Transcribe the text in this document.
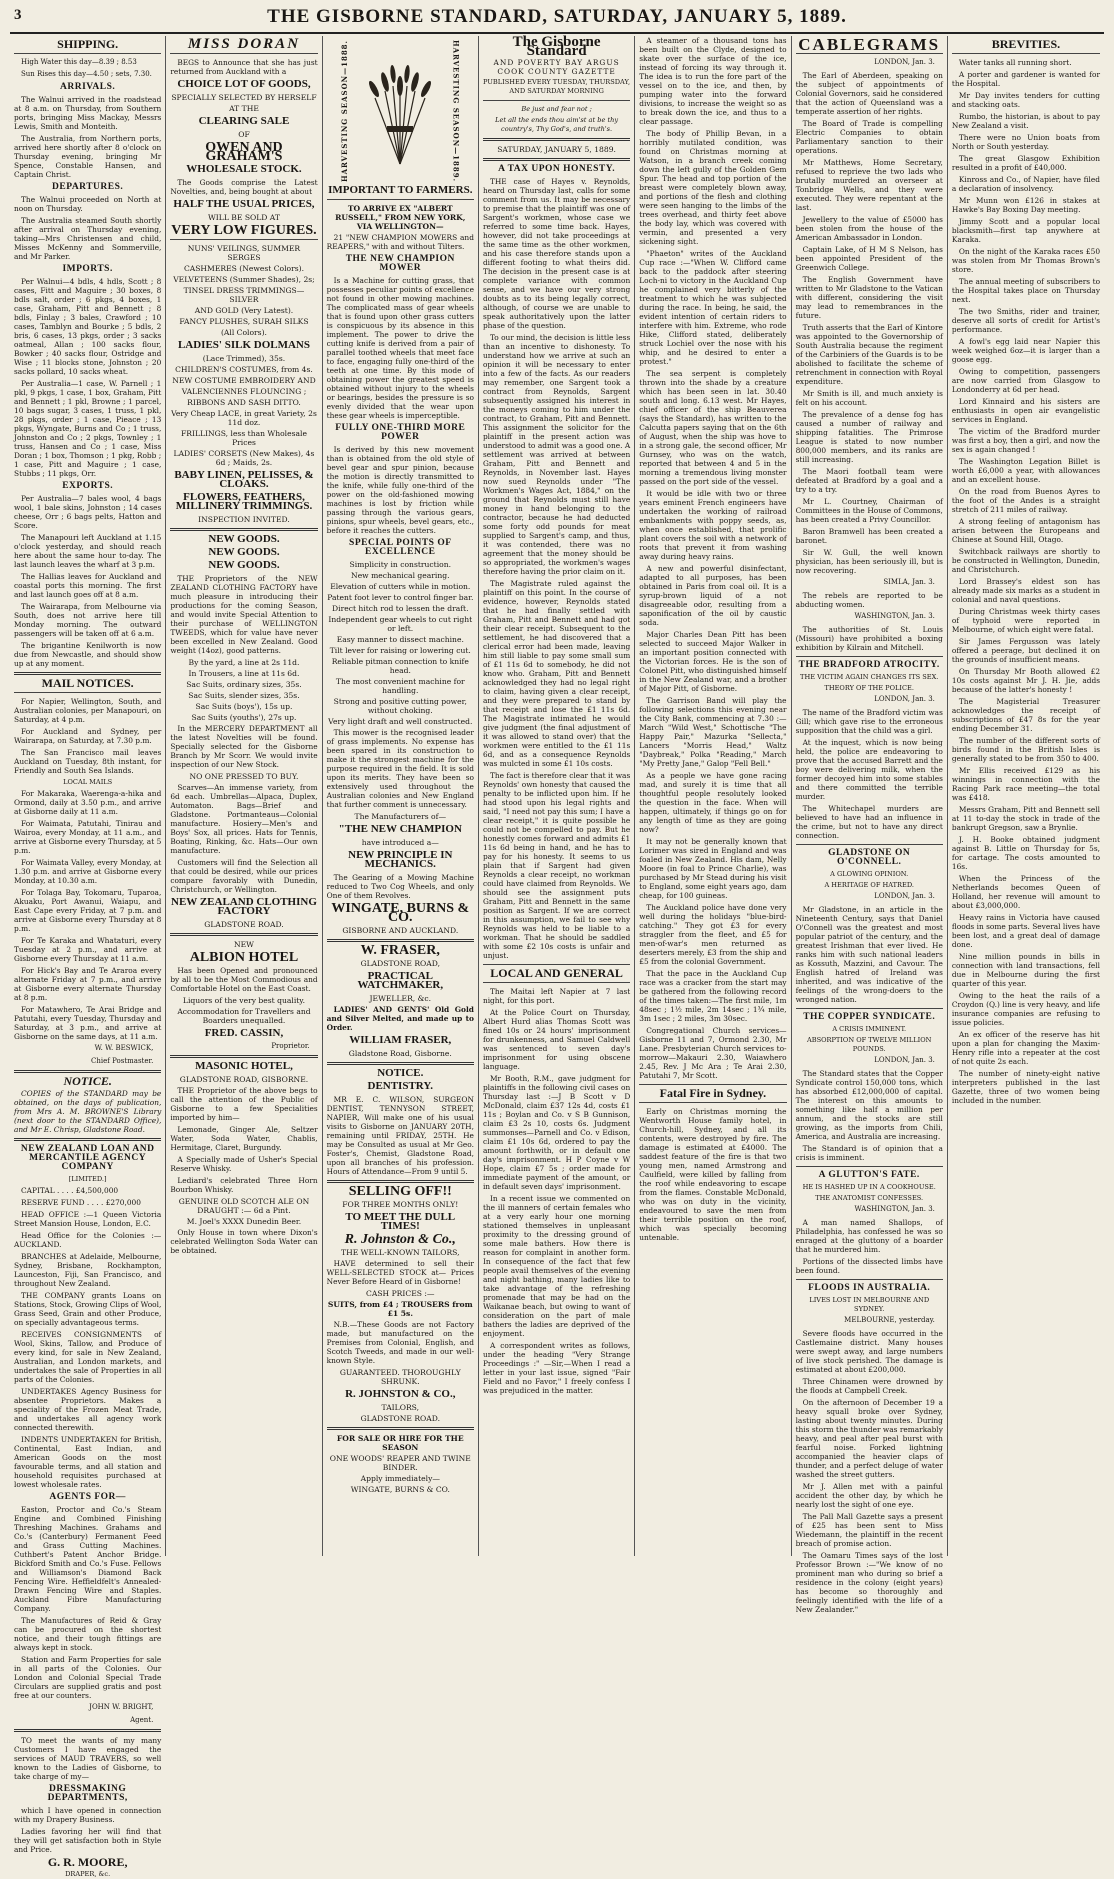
3	THE GISBORNE STANDARD, SATURDAY, JANUARY 5, 1889.
SHIPPING.

High Water this day—8.39 ; 8.53

Sun Rises this day—4.50 ; sets, 7.30.

ARRIVALS.

The Walnui arrived in the roadstead at 8 a.m. on Thursday, from Southern ports, bringing Miss Mackay, Messrs Lewis, Smith and Monteith.

The Australia, from Northern ports, arrived here shortly after 8 o'clock on Thursday evening, bringing Mr Spence, Constable Hansen, and Captain Christ.

DEPARTURES.

The Walnui proceeded on North at noon on Thursday.

The Australia steamed South shortly after arrival on Thursday evening, taking—Mrs Christensen and child, Misses McKenny and Sommerville, and Mr Parker.

IMPORTS.

Per Walnui—4 bdls, 4 hdls, Scott ; 8 cases, Fitt and Maguire ; 30 boxes, 8 bdls salt, order ; 6 pkgs, 4 boxes, 1 case, Graham, Pitt and Bennett ; 8 bdls, Finlay ; 3 bales, Crawford ; 10 cases, Tamblyn and Bourke ; 5 bdls, 2 bris, 6 cases, 13 pkgs, order ; 3 sacks oatmeal, Allan ; 100 sacks flour, Bowker ; 40 sacks flour, Ostridge and Wise ; 11 blocks stone, Johnston ; 20 sacks pollard, 10 sacks wheat.

Per Australia—1 case, W. Parnell ; 1 pkl, 9 pkgs, 1 case, 1 box, Graham, Pitt and Bennett ; 1 pkl, Browne ; 1 parcel, 10 bags sugar, 3 cases, 1 truss, 1 pkl, 28 pkgs, order ; 1 case, Pieace ; 13 pkgs, Wyngate, Burns and Co ; 1 truss, Johnston and Co ; 2 pkgs, Townley ; 1 truss, Hansen and Co ; 1 case, Miss Doran ; 1 box, Thomson ; 1 pkg, Robb ; 1 case, Pitt and Maguire ; 1 case, Stubbs ; 11 pkgs, Orr.

EXPORTS.

Per Australia—7 bales wool, 4 bags wool, 1 bale skins, Johnston ; 14 cases cheese, Orr ; 6 bags pelts, Hatton and Score.

The Manapouri left Auckland at 1.15 o'clock yesterday, and should reach here about the same hour to-day. The last launch leaves the wharf at 3 p.m.

The Hallias leaves for Auckland and coastal ports this morning. The first and last launch goes off at 8 a.m.

The Wairarapa, from Melbourne via South, does not arrive here till Monday morning. The outward passengers will be taken off at 6 a.m.

The brigantine Kenilworth is now due from Newcastle, and should show up at any moment.

MAIL NOTICES.

For Napier, Wellington, South, and Australian colonies, per Manapouri, on Saturday, at 4 p.m.

For Auckland and Sydney, per Wairarapa, on Saturday, at 7.30 p.m.

The San Francisco mail leaves Auckland on Tuesday, 8th instant, for Friendly and South Sea Islands.

LOCAL MAILS

For Makaraka, Waerenga-a-hika and Ormond, daily at 3.50 p.m., and arrive at Gisborne daily at 11 a.m.

For Waimata, Patutahi, Tinirau and Wairoa, every Monday, at 11 a.m., and arrive at Gisborne every Thursday, at 5 p.m.

For Waimata Valley, every Monday, at 1.30 p.m. and arrive at Gisborne every Monday, at 10.30 a.m.

For Tolaga Bay, Tokomaru, Tuparoa, Akuaku, Port Awanui, Waiapu, and East Cape every Friday, at 7 p.m. and arrive at Gisborne every Thursday at 8 p.m.

For Te Karaka and Whataturi, every Tuesday at 2 p.m., and arrive at Gisborne every Thursday at 11 a.m.

For Hick's Bay and Te Araroa every alternate Friday at 7 p.m., and arrive at Gisborne every alternate Thursday at 8 p.m.

For Matawhero, Te Arai Bridge and Patutahi, every Tuesday, Thursday and Saturday, at 3 p.m., and arrive at Gisborne on the same days, at 11 a.m.

W. W. BESWICK,
Chief Postmaster.
NOTICE.

COPIES of the STANDARD may be obtained, on the days of publication, from Mrs A. M. BROWNE'S Library (next door to the STANDARD Office), and Mr E. Chrisp, Gladstone Road.

NEW ZEALAND LOAN AND MERCANTILE AGENCY COMPANY
[LIMITED.]

CAPITAL . . . . £4,500,000

RESERVE FUND . . . . £270,000

HEAD OFFICE :—1 Queen Victoria Street Mansion House, London, E.C.

Head Office for the Colonies :—AUCKLAND.

BRANCHES at Adelaide, Melbourne, Sydney, Brisbane, Rockhampton, Launceston, Fiji, San Francisco, and throughout New Zealand.

THE COMPANY grants Loans on Stations, Stock, Growing Clips of Wool, Grass Seed, Grain and other Produce, on specially advantageous terms.

RECEIVES CONSIGNMENTS of Wool, Skins, Tallow, and Produce of every kind, for sale in New Zealand, Australian, and London markets, and undertakes the sale of Properties in all parts of the Colonies.

UNDERTAKES Agency Business for absentee Proprietors. Makes a speciality of the Frozen Meat Trade, and undertakes all agency work connected therewith.

INDENTS UNDERTAKEN for British, Continental, East Indian, and American Goods on the most favourable terms, and all station and household requisites purchased at lowest wholesale rates.

AGENTS FOR—

Easton, Proctor and Co.'s Steam Engine and Combined Finishing Threshing Machines. Grahams and Co.'s (Canterbury) Fermanent Feed and Grass Cutting Machines. Cuthbert's Patent Anchor Bridge. Bickford Smith and Co.'s Fuse. Fellows and Williamson's Diamond Back Fencing Wire. Heffieldfelt's Annealed-Drawn Fencing Wire and Staples. Auckland Fibre Manufacturing Company.

The Manufactures of Reid & Gray can be procured on the shortest notice, and their tough fittings are always kept in stock.

Station and Farm Properties for sale in all parts of the Colonies. Our London and Colonial Special Trade Circulars are supplied gratis and post free at our counters.

JOHN W. BRIGHT,
Agent.

TO meet the wants of my many Customers I have engaged the services of MAUD TRAVERS, so well known to the Ladies of Gisborne, to take charge of my—

DRESSMAKING DEPARTMENTS,

which I have opened in connection with my Drapery Business.

Ladies favoring her will find that they will get satisfaction both in Style and Price.

G. R. MOORE,
DRAPER, &c.
MISS DORAN

BEGS to Announce that she has just returned from Auckland with a

CHOICE LOT OF GOODS,
SPECIALLY SELECTED BY HERSELF
AT THE
CLEARING SALE
OF
OWEN AND GRAHAM'S
WHOLESALE STOCK.

The Goods comprise the Latest Novelties, and, being bought at about

HALF THE USUAL PRICES,
WILL BE SOLD AT
VERY LOW FIGURES.
NUNS' VEILINGS, SUMMER SERGES
CASHMERES (Newest Colors).
VELVETEENS (Summer Shades), 2s;
TINSEL DRESS TRIMMINGS—SILVER
AND GOLD (Very Latest).
FANCY PLUSHES, SURAH SILKS
(All Colors).
LADIES' SILK DOLMANS
(Lace Trimmed), 35s.
CHILDREN'S COSTUMES, from 4s.
NEW COSTUME EMBROIDERY AND
VALENCIENNES FLOUNCING ;
RIBBONS AND SASH DITTO.
Very Cheap LACE, in great Variety, 2s 11d doz.
FRILLINGS, less than Wholesale Prices
LADIES' CORSETS (New Makes), 4s 6d ; Maids, 2s.
BABY LINEN, PELISSES, & CLOAKS.
FLOWERS, FEATHERS, MILLINERY TRIMMINGS.
INSPECTION INVITED.
NEW GOODS.
NEW GOODS.
NEW GOODS.

THE Proprietors of the NEW ZEALAND CLOTHING FACTORY have much pleasure in introducing their productions for the coming Season, and would invite Special Attention to their purchase of WELLINGTON TWEEDS, which for value have never been excelled in New Zealand. Good weight (14oz), good patterns.

By the yard, a line at 2s 11d.
In Trousers, a line at 11s 6d.
Sac Suits, ordinary sizes, 35s.
Sac Suits, slender sizes, 35s.
Sac Suits (boys'), 15s up.
Sac Suits (youths'), 27s up.

In the MERCERY DEPARTMENT all the latest Novelties will be found. Specially selected for the Gisborne Branch by Mr Scorr. We would invite inspection of our New Stock.

NO ONE PRESSED TO BUY.

Scarves—An immense variety, from 6d each. Umbrellas—Alpaca, Duplex, Automaton. Bags—Brief and Gladstone. Portmanteaus—Colonial manufacture. Hosiery—Men's and Boys' Sox, all prices. Hats for Tennis, Boating, Rinking, &c. Hats—Our own manufacture.

Customers will find the Selection all that could be desired, while our prices compare favorably with Dunedin, Christchurch, or Wellington.

NEW ZEALAND CLOTHING FACTORY
GLADSTONE ROAD.
NEW
ALBION HOTEL

Has been Opened and pronounced by all to be the Most Commodious and Comfortable Hotel on the East Coast.

Liquors of the very best quality.
Accommodation for Travellers and Boarders unequalled.
FRED. CASSIN,
Proprietor.
MASONIC HOTEL,
GLADSTONE ROAD, GISBORNE.

THE Proprietor of the above begs to call the attention of the Public of Gisborne to a few Specialities imported by him—

Lemonade, Ginger Ale, Seltzer Water, Soda Water, Chablis, Hermitage, Claret, Burgundy.

A Specially made of Usher's Special Reserve Whisky.

Lediard's celebrated Three Horn Bourbon Whisky.

GENUINE OLD SCOTCH ALE ON DRAUGHT :— 6d a Pint.
M. Joel's XXXX Dunedin Beer.

Only House in town where Dixon's celebrated Wellington Soda Water can be obtained.

HARVESTING SEASON—1888.	HARVESTING SEASON—1889.
IMPORTANT TO FARMERS.
TO ARRIVE EX "ALBERT RUSSELL," FROM NEW YORK, VIA WELLINGTON—

21 "NEW CHAMPION MOWERS and REAPERS," with and without Tilters.

THE NEW CHAMPION MOWER

Is a Machine for cutting grass, that possesses peculiar points of excellence not found in other mowing machines. The complicated mass of gear wheels that is found upon other grass cutters is conspicuous by its absence in this implement. The power to drive the cutting knife is derived from a pair of parallel toothed wheels that meet face to face, engaging fully one-third of the teeth at one time. By this mode of obtaining power the greatest speed is obtained without injury to the wheels or bearings, besides the pressure is so evenly divided that the wear upon these gear wheels is imperceptible.

FULLY ONE-THIRD MORE POWER

Is derived by this new movement than is obtained from the old style of bevel gear and spur pinion, because the motion is directly transmitted to the knife, while fully one-third of the power on the old-fashioned mowing machines is lost by friction while passing through the various gears, pinions, spur wheels, bevel gears, etc., before it reaches the cutters.

SPECIAL POINTS OF EXCELLENCE
Simplicity in construction.
New mechanical gearing.
Elevation of cutters while in motion.
Patent foot lever to control finger bar.
Direct hitch rod to lessen the draft.
Independent gear wheels to cut right or left.
Easy manner to dissect machine.
Tilt lever for raising or lowering cut.
Reliable pitman connection to knife head.
The most convenient machine for handling.
Strong and positive cutting power, without choking.
Very light draft and well constructed.

This mower is the recognised leader of grass implements. No expense has been spared in its construction to make it the strongest machine for the purpose required in the field. It is sold upon its merits. They have been so extensively used throughout the Australian colonies and New England that further comment is unnecessary.

The Manufacturers of—
"THE NEW CHAMPION
have introduced a—
NEW PRINCIPLE IN MECHANICS.

The Gearing of a Mowing Machine reduced to Two Cog Wheels, and only One of them Revolves.

WINGATE, BURNS & CO.
GISBORNE AND AUCKLAND.
W. FRASER,
GLADSTONE ROAD,
PRACTICAL WATCHMAKER,
JEWELLER, &c.

LADIES' AND GENTS' Old Gold and Silver Melted, and made up to Order.

WILLIAM FRASER,
Gladstone Road, Gisborne.
NOTICE.
DENTISTRY.

MR E. C. WILSON, SURGEON DENTIST, TENNYSON STREET, NAPIER, Will make one of his usual visits to Gisborne on JANUARY 20TH, remaining until FRIDAY, 25TH. He may be Consulted as usual at Mr Geo. Foster's, Chemist, Gladstone Road, upon all branches of his profession. Hours of Attendance—From 9 until 5.

SELLING OFF!!
FOR THREE MONTHS ONLY!
TO MEET THE DULL TIMES!
R. Johnston & Co.,
THE WELL-KNOWN TAILORS,

HAVE determined to sell their WELL-SELECTED STOCK at— Prices Never Before Heard of in Gisborne!

CASH PRICES :—
SUITS, from £4 ; TROUSERS from £1 5s.

N.B.—These Goods are not Factory made, but manufactured on the Premises from Colonial, English, and Scotch Tweeds, and made in our well-known Style.

GUARANTEED. THOROUGHLY SHRUNK.
R. JOHNSTON & CO.,
TAILORS,
GLADSTONE ROAD.
FOR SALE OR HIRE FOR THE SEASON
ONE WOODS' REAPER AND TWINE BINDER.
Apply immediately—
WINGATE, BURNS & CO.
The Gisborne Standard
AND POVERTY BAY ARGUS
COOK COUNTY GAZETTE
PUBLISHED EVERY TUESDAY, THURSDAY, AND SATURDAY MORNING
Be just and fear not ;
Let all the ends thou aim'st at be thy country's, Thy God's, and truth's.
SATURDAY, JANUARY 5, 1889.
A TAX UPON HONESTY.

THE case of Hayes v. Reynolds, heard on Thursday last, calls for some comment from us. It may be necessary to premise that the plaintiff was one of Sargent's workmen, whose case we referred to some time back. Hayes, however, did not take proceedings at the same time as the other workmen, and his case therefore stands upon a different footing to what theirs did. The decision in the present case is at complete variance with common sense, and we have our very strong doubts as to its being legally correct, although, of course we are unable to speak authoritatively upon the latter phase of the question.

To our mind, the decision is little less than an incentive to dishonesty. To understand how we arrive at such an opinion it will be necessary to enter into a few of the facts. As our readers may remember, one Sargent took a contract from Reynolds, Sargent subsequently assigned his interest in the moneys coming to him under the contract, to Graham, Pitt and Bennett. This assignment the solicitor for the plaintiff in the present action was understood to admit was a good one. A settlement was arrived at between Graham, Pitt and Bennett and Reynolds, in November last. Hayes now sued Reynolds under "The Workmen's Wages Act, 1884," on the ground that Reynolds must still have money in hand belonging to the contractor, because he had deducted some forty odd pounds for meat supplied to Sargent's camp, and thus, it was contended, there was no agreement that the money should be so appropriated, the workmen's wages therefore having the prior claim on it.

The Magistrate ruled against the plaintiff on this point. In the course of evidence, however, Reynolds stated that he had finally settled with Graham, Pitt and Bennett and had got their clear receipt. Subsequent to the settlement, he had discovered that a clerical error had been made, leaving him still liable to pay some small sum of £1 11s 6d to somebody, he did not know who. Graham, Pitt and Bennett acknowledged they had no legal right to claim, having given a clear receipt, and they were prepared to stand by that receipt and lose the £1 11s 6d. The Magistrate intimated he would give judgment (the final adjustment of it was allowed to stand over) that the workmen were entitled to the £1 11s 6d, and as a consequence Reynolds was mulcted in some £1 10s costs.

The fact is therefore clear that it was Reynolds' own honesty that caused the penalty to be inflicted upon him. If he had stood upon his legal rights and said, "I need not pay this sum; I have a clear receipt," it is quite possible he could not be compelled to pay. But he honestly comes forward and admits £1 11s 6d being in hand, and he has to pay for his honesty. It seems to us plain that if Sargent had given Reynolds a clear receipt, no workman could have claimed from Reynolds. We should see the assignment puts Graham, Pitt and Bennett in the same position as Sargent. If we are correct in this assumption, we fail to see why Reynolds was held to be liable to a workman. That he should be saddled with some £2 10s costs is unfair and unjust.

LOCAL AND GENERAL

The Maitai left Napier at 7 last night, for this port.

At the Police Court on Thursday, Albert Hurd alias Thomas Scott was fined 10s or 24 hours' imprisonment for drunkenness, and Samuel Caldwell was sentenced to seven day's imprisonment for using obscene language.

Mr Booth, R.M., gave judgment for plaintiffs in the following civil cases on Thursday last :—J B Scott v D McDonald, claim £37 12s 4d, costs £1 11s ; Boylan and Co. v S B Gunnison, claim £3 2s 10, costs 6s. Judgment summonses—Parnell and Co. v Edison, claim £1 10s 6d, ordered to pay the amount forthwith, or in default one day's imprisonment. H P Coyne v W Hope, claim £7 5s ; order made for immediate payment of the amount, or in default seven days' imprisonment.

In a recent issue we commented on the ill manners of certain females who at a very early hour one morning stationed themselves in unpleasant proximity to the dressing ground of some male bathers. How there is reason for complaint in another form. In consequence of the fact that few people avail themselves of the evening and night bathing, many ladies like to take advantage of the refreshing promenade that may be had on the Waikanae beach, but owing to want of consideration on the part of male bathers the ladies are deprived of the enjoyment.

A correspondent writes as follows, under the heading "Very Strange Proceedings :" —Sir,—When I read a letter in your last issue, signed "Fair Field and no Favor," I freely confess I was prejudiced in the matter.

A steamer of a thousand tons has been built on the Clyde, designed to skate over the surface of the ice, instead of forcing its way through it. The idea is to run the fore part of the vessel on to the ice, and then, by pumping water into the forward divisions, to increase the weight so as to break down the ice, and thus to a clear passage.

The body of Phillip Bevan, in a horribly mutilated condition, was found on Christmas morning at Watson, in a branch creek coming down the left gully of the Golden Gem Spur. The head and top portion of the breast were completely blown away, and portions of the flesh and clothing were seen hanging to the limbs of the trees overhead, and thirty feet above the body lay, which was covered with vermin, and presented a very sickening sight.

"Phaeton" writes of the Auckland Cup race :—"When W. Clifford came back to the paddock after steering Loch-ni to victory in the Auckland Cup he complained very bitterly of the treatment to which he was subjected during the race. In being, he said, the evident intention of certain riders to interfere with him. Extreme, who rode Hike, Clifford stated, deliberately struck Lochiel over the nose with his whip, and he desired to enter a protest."

The sea serpent is completely thrown into the shade by a creature which has been seen in lat. 30.40 south and long. 6.13 west. Mr Hayes, chief officer of the ship Beauverea (says the Standard), has written to the Calcutta papers saying that on the 6th of August, when the ship was hove to in a strong gale, the second officer, Mr Gurnsey, who was on the watch, reported that between 4 and 5 in the morning a tremendous living monster passed on the port side of the vessel.

It would be idle with two or three years eminent French engineers have undertaken the working of railroad embankments with poppy seeds, as, when once established, that prolific plant covers the soil with a network of roots that prevent it from washing away during heavy rains.

A new and powerful disinfectant, adapted to all purposes, has been obtained in Paris from coal oil. It is a syrup-brown liquid of a not disagreeable odor, resulting from a saponification of the oil by caustic soda.

Major Charles Dean Pitt has been selected to succeed Major Walker in an important position connected with the Victorian forces. He is the son of Colonel Pitt, who distinguished himself in the New Zealand war, and a brother of Major Pitt, of Gisborne.

The Garrison Band will play the following selections this evening near the City Bank, commencing at 7.30 :—March "Wild West," Schottische "The Happy Pair," Mazurka "Sellecta," Lancers "Morris Head," Waltz "Daybreak," Polka "Reading," March "My Pretty Jane," Galop "Fell Bell."

As a people we have gone racing mad, and surely it is time that all thoughtful people resolutely looked the question in the face. When will happen, ultimately, if things go on for any length of time as they are going now?

It may not be generally known that Lorimer was sired in England and was foaled in New Zealand. His dam, Nelly Moore (in foal to Prince Charlie), was purchased by Mr Stead during his visit to England, some eight years ago, dam cheap, for 100 guineas.

The Auckland police have done very well during the holidays "blue-bird-catching." They got £3 for every straggler from the fleet, and £5 for men-of-war's men returned as deserters merely, £3 from the ship and £5 from the colonial Government.

That the pace in the Auckland Cup race was a cracker from the start may be gathered from the following record of the times taken:—The first mile, 1m 48sec ; 1½ mile, 2m 14sec ; 1¾ mile, 3m 1sec ; 2 miles, 3m 30sec.

Congregational Church services—Gisborne 11 and 7, Ormond 2.30, Mr Lane. Presbyterian Church services to-morrow—Makauri 2.30, Waiawhero 2.45, Rev. J Mc Ara ; Te Arai 2.30, Patutahi 7, Mr Scott.

Fatal Fire in Sydney.

Early on Christmas morning the Wentworth House family hotel, in Church-hill, Sydney, and all its contents, were destroyed by fire. The damage is estimated at £4000. The saddest feature of the fire is that two young men, named Armstrong and Caulfield, were killed by falling from the roof while endeavoring to escape from the flames. Constable McDonald, who was on duty in the vicinity, endeavoured to save the men from their terrible position on the roof, which was specially becoming untenable.

CABLEGRAMS
LONDON, Jan. 3.

The Earl of Aberdeen, speaking on the subject of appointments of Colonial Governors, said he considered that the action of Queensland was a temperate assertion of her rights.

The Board of Trade is compelling Electric Companies to obtain Parliamentary sanction to their operations.

Mr Matthews, Home Secretary, refused to reprieve the two lads who brutally murdered an overseer at Tonbridge Wells, and they were executed. They were repentant at the last.

Jewellery to the value of £5000 has been stolen from the house of the American Ambassador in London.

Captain Lake, of H M S Nelson, has been appointed President of the Greenwich College.

The English Government have written to Mr Gladstone to the Vatican with different, considering the visit may lead to remembrances in the future.

Truth asserts that the Earl of Kintore was appointed to the Governorship of South Australia because the regiment of the Carbiniers of the Guards is to be abolished to facilitate the scheme of retrenchment in connection with Royal expenditure.

Mr Smith is ill, and much anxiety is felt on his account.

The prevalence of a dense fog has caused a number of railway and shipping fatalities. The Primrose League is stated to now number 800,000 members, and its ranks are still increasing.

The Maori football team were defeated at Bradford by a goal and a try to a try.

Mr L. Courtney, Chairman of Committees in the House of Commons, has been created a Privy Councillor.

Baron Bramwell has been created a baronet.

Sir W. Gull, the well known physician, has been seriously ill, but is now recovering.

SIMLA, Jan. 3.

The rebels are reported to be abducting women.

WASHINGTON, Jan. 3.

The authorities of St. Louis (Missouri) have prohibited a boxing exhibition by Kilrain and Mitchell.

THE BRADFORD ATROCITY.
THE VICTIM AGAIN CHANGES ITS SEX.
THEORY OF THE POLICE.
LONDON, Jan. 3.

The name of the Bradford victim was Gill; which gave rise to the erroneous supposition that the child was a girl.

At the inquest, which is now being held, the police are endeavoring to prove that the accused Barrett and the boy were delivering milk, when the former decoyed him into some stables and there committed the terrible murder.

The Whitechapel murders are believed to have had an influence in the crime, but not to have any direct connection.

GLADSTONE ON O'CONNELL.
A GLOWING OPINION.
A HERITAGE OF HATRED.
LONDON, Jan. 3.

Mr Gladstone, in an article in the Nineteenth Century, says that Daniel O'Connell was the greatest and most popular patriot of the century, and the greatest Irishman that ever lived. He ranks him with such national leaders as Kossuth, Mazzini, and Cavour. The English hatred of Ireland was inherited, and was indicative of the feelings of the wrong-doers to the wronged nation.

THE COPPER SYNDICATE.
A CRISIS IMMINENT.
ABSORPTION OF TWELVE MILLION POUNDS.
LONDON, Jan. 3.

The Standard states that the Copper Syndicate control 150,000 tons, which has absorbed £12,000,000 of capital. The interest on this amounts to something like half a million per annum, and the stocks are still growing, as the imports from Chili, America, and Australia are increasing.

The Standard is of opinion that a crisis is imminent.

A GLUTTON'S FATE.
HE IS HASHED UP IN A COOKHOUSE.
THE ANATOMIST CONFESSES.
WASHINGTON, Jan. 3.

A man named Shallops, of Philadelphia, has confessed he was so enraged at the gluttony of a boarder that he murdered him.

Portions of the dissected limbs have been found.

FLOODS IN AUSTRALIA.
LIVES LOST IN MELBOURNE AND SYDNEY.
MELBOURNE, yesterday.

Severe floods have occurred in the Castlemaine district. Many houses were swept away, and large numbers of live stock perished. The damage is estimated at about £200,000.

Three Chinamen were drowned by the floods at Campbell Creek.

On the afternoon of December 19 a heavy squall broke over Sydney, lasting about twenty minutes. During this storm the thunder was remarkably heavy, and peal after peal burst with fearful noise. Forked lightning accompanied the heavier claps of thunder, and a perfect deluge of water washed the street gutters.

Mr J. Allen met with a painful accident the other day, by which he nearly lost the sight of one eye.

The Pall Mall Gazette says a present of £25 has been sent to Miss Wiedemann, the plaintiff in the recent breach of promise action.

The Oamaru Times says of the lost Professor Brown :—"We know of no prominent man who during so brief a residence in the colony (eight years) has become so thoroughly and feelingly identified with the life of a New Zealander."

BREVITIES.

Water tanks all running short.

A porter and gardener is wanted for the Hospital.

Mr Day invites tenders for cutting and stacking oats.

Rumbo, the historian, is about to pay New Zealand a visit.

There were no Union boats from North or South yesterday.

The great Glasgow Exhibition resulted in a profit of £40,000.

Kinross and Co., of Napier, have filed a declaration of insolvency.

Mr Munn won £126 in stakes at Hawke's Bay Boxing Day meeting.

Jimmy Scott and a popular local blacksmith—first tap anywhere at Karaka.

On the night of the Karaka races £50 was stolen from Mr Thomas Brown's store.

The annual meeting of subscribers to the Hospital takes place on Thursday next.

The two Smiths, rider and trainer, deserve all sorts of credit for Artist's performance.

A fowl's egg laid near Napier this week weighed 6oz—it is larger than a goose egg.

Owing to competition, passengers are now carried from Glasgow to Londonderry at 6d per head.

Lord Kinnaird and his sisters are enthusiasts in open air evangelistic services in England.

The victim of the Bradford murder was first a boy, then a girl, and now the sex is again changed !

The Washington Legation Billet is worth £6,000 a year, with allowances and an excellent house.

On the road from Buenos Ayres to the foot of the Andes is a straight stretch of 211 miles of railway.

A strong feeling of antagonism has arisen between the Europeans and Chinese at Sound Hill, Otago.

Switchback railways are shortly to be constructed in Wellington, Dunedin, and Christchurch.

Lord Brassey's eldest son has already made six marks as a student in colonial and naval questions.

During Christmas week thirty cases of typhoid were reported in Melbourne, of which eight were fatal.

Sir James Fergusson was lately offered a peerage, but declined it on the grounds of insufficient means.

On Thursday Mr Booth allowed £2 10s costs against Mr J. H. Jie, adds because of the latter's honesty !

The Magisterial Treasurer acknowledges the receipt of subscriptions of £47 8s for the year ending December 31.

The number of the different sorts of birds found in the British Isles is generally stated to be from 350 to 400.

Mr Ellis received £129 as his winnings in connection with the Racing Park race meeting—the total was £418.

Messrs Graham, Pitt and Bennett sell at 11 to-day the stock in trade of the bankrupt Gregson, saw a Brynlie.

J. H. Booke obtained judgment against B. Little on Thursday for 5s, for cartage. The costs amounted to 16s.

When the Princess of the Netherlands becomes Queen of Holland, her revenue will amount to about £3,000,000.

Heavy rains in Victoria have caused floods in some parts. Several lives have been lost, and a great deal of damage done.

Nine million pounds in bills in connection with land transactions, fell due in Melbourne during the first quarter of this year.

Owing to the heat the rails of a Croydon (Q.) line is very heavy, and life insurance companies are refusing to issue policies.

An ex officer of the reserve has hit upon a plan for changing the Maxim-Henry rifle into a repeater at the cost of not quite 2s each.

The number of ninety-eight native interpreters published in the last Gazette, three of two women being included in the number.
